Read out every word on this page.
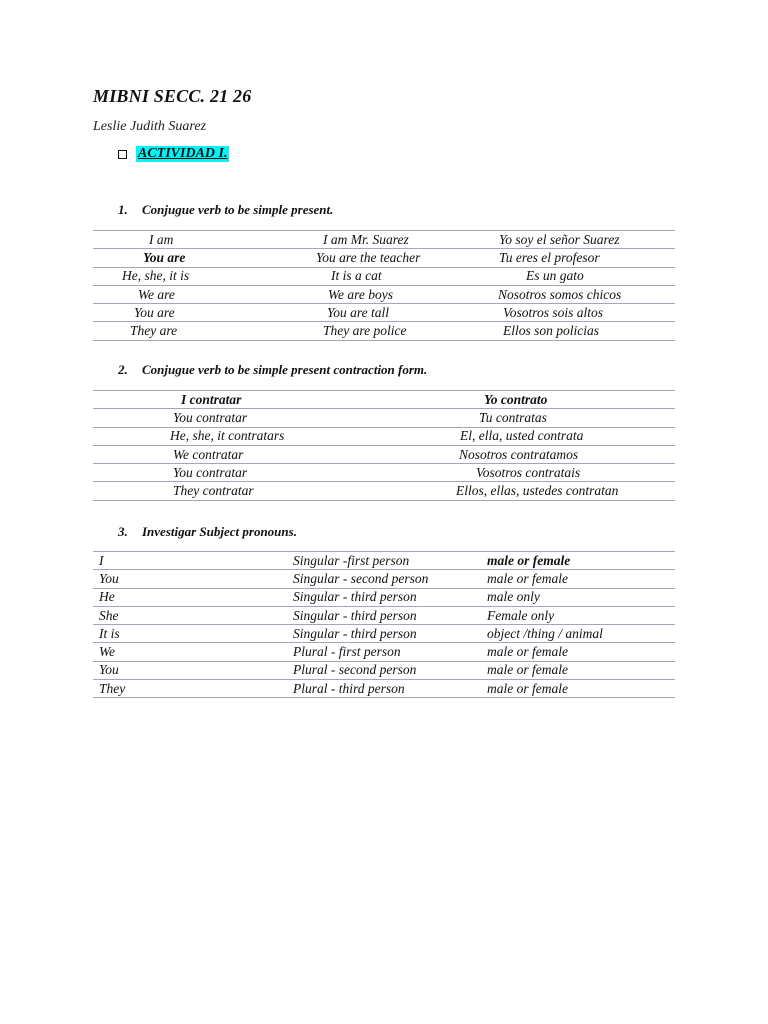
MIBNI SECC. 21 26
Leslie Judith Suarez
ACTIVIDAD I.
1. Conjugue verb to be simple present.
I am	I am Mr. Suarez	Yo soy el señor Suarez
You are	You are the teacher	Tu eres el profesor
He, she, it is	It is a cat	Es un gato
We are	We are boys	Nosotros somos chicos
You are	You are tall	Vosotros sois altos
They are	They are police	Ellos son policias
2. Conjugue verb to be simple present contraction form.
I contratar	Yo contrato
You contratar	Tu contratas
He, she, it contratars	El, ella, usted contrata
We contratar	Nosotros contratamos
You contratar	Vosotros contratais
They contratar	Ellos, ellas, ustedes contratan
3. Investigar Subject pronouns.
I	Singular -first person	male or female
You	Singular - second person	male or female
He	Singular - third person	male only
She	Singular - third person	Female only
It is	Singular - third person	object /thing / animal
We	Plural - first person	male or female
You	Plural - second person	male or female
They	Plural - third person	male or female
